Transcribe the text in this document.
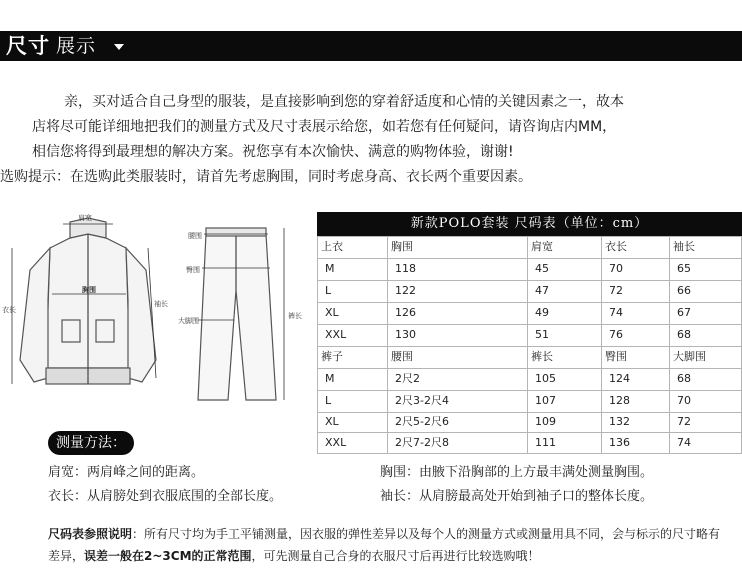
尺寸 展示

亲，买对适合自己身型的服装，是直接影响到您的穿着舒适度和心情的关键因素之一，故本

店将尽可能详细地把我们的测量方式及尺寸表展示给您，如若您有任何疑问，请咨询店内MM，

相信您将得到最理想的解决方案。祝您享有本次愉快、满意的购物体验，谢谢!

选购提示：在选购此类服装时，请首先考虑胸围，同时考虑身高、衣长两个重要因素。

肩宽
胸围
衣长
袖长
腰围
臀围
大脚围
裤长
新款POLO套装 尺码表（单位：cm）
上衣	胸围	肩宽	衣长	袖长
M	118	45	70	65
L	122	47	72	66
XL	126	49	74	67
XXL	130	51	76	68
裤子	腰围	裤长	臀围	大脚围
M	2尺2	105	124	68
L	2尺3-2尺4	107	128	70
XL	2尺5-2尺6	109	132	72
XXL	2尺7-2尺8	111	136	74
测量方法：
肩宽：两肩峰之间的距离。	胸围：由腋下沿胸部的上方最丰满处测量胸围。
衣长：从肩膀处到衣服底围的全部长度。	袖长：从肩膀最高处开始到袖子口的整体长度。

尺码表参照说明：所有尺寸均为手工平铺测量，因衣服的弹性差异以及每个人的测量方式或测量用具不同，会与标示的尺寸略有差异，误差一般在2~3CM的正常范围，可先测量自己合身的衣服尺寸后再进行比较选购哦！
